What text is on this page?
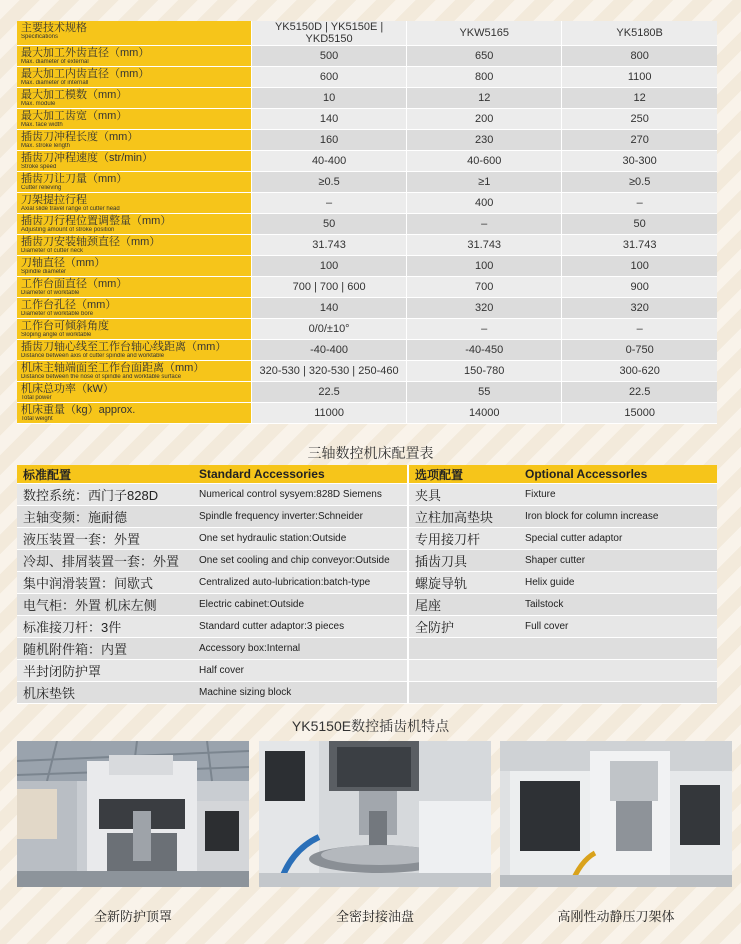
主要技术规格
Specifications	YK5150D | YK5150E | YKD5150	YKW5165	YK5180B

最大加工外齿直径（mm）
Max. diameter of external	500	650	800

最大加工内齿直径（mm）
Max. diameter of internall	600	800	1100

最大加工模数（mm）
Max. module	10	12	12

最大加工齿宽（mm）
Max. face width	140	200	250

插齿刀冲程长度（mm）
Max. stroke length	160	230	270

插齿刀冲程速度（str/min）
Stroke speed	40-400	40-600	30-300

插齿刀让刀量（mm）
Cutter relieving	≥0.5	≥1	≥0.5

刀架提拉行程
Axial slide travel range of cutter head	–	400	–

插齿刀行程位置调整量（mm）
Adjusting amount of stroke position	50	–	50

插齿刀安装轴颈直径（mm）
Diameter of cutter neck	31.743	31.743	31.743

刀轴直径（mm）
Spindle diameter	100	100	100

工作台面直径（mm）
Diameter of worktable	700 | 700 | 600	700	900

工作台孔径（mm）
Diameter of worktable bore	140	320	320

工作台可倾斜角度
Sloping angle of worktable	0/0/±10°	–	–

插齿刀轴心线至工作台轴心线距离（mm）
Distance between axis of cutter spindle and worktable	-40-400	-40-450	0-750

机床主轴端面至工作台面距离（mm）
Distance between the nose of spindle and worktable surface	320-530 | 320-530 | 250-460	150-780	300-620

机床总功率（kW）
Total power	22.5	55	22.5

机床重量（kg）approx.
Total weight	11000	14000	15000
三轴数控机床配置表
标准配置	Standard Accessories	选项配置	Optional Accessorles
数控系统：西门子828D	Numerical control sysyem:828D Siemens	夹具	Fixture
主轴变频：施耐德	Spindle frequency inverter:Schneider	立柱加高垫块	Iron block for column increase
液压装置一套：外置	One set hydraulic station:Outside	专用接刀杆	Special cutter adaptor
冷却、排屑装置一套：外置	One set cooling and chip conveyor:Outside	插齿刀具	Shaper cutter
集中润滑装置：间歇式	Centralized auto-lubrication:batch-type	螺旋导轨	Helix guide
电气柜：外置 机床左侧	Electric cabinet:Outside	尾座	Tailstock
标准接刀杆：3件	Standard cutter adaptor:3 pieces	全防护	Full cover
随机附件箱：内置	Accessory box:Internal		
半封闭防护罩	Half cover		
机床垫铁	Machine sizing block		
YK5150E数控插齿机特点
全新防护顶罩	全密封接油盘	高刚性动静压刀架体
